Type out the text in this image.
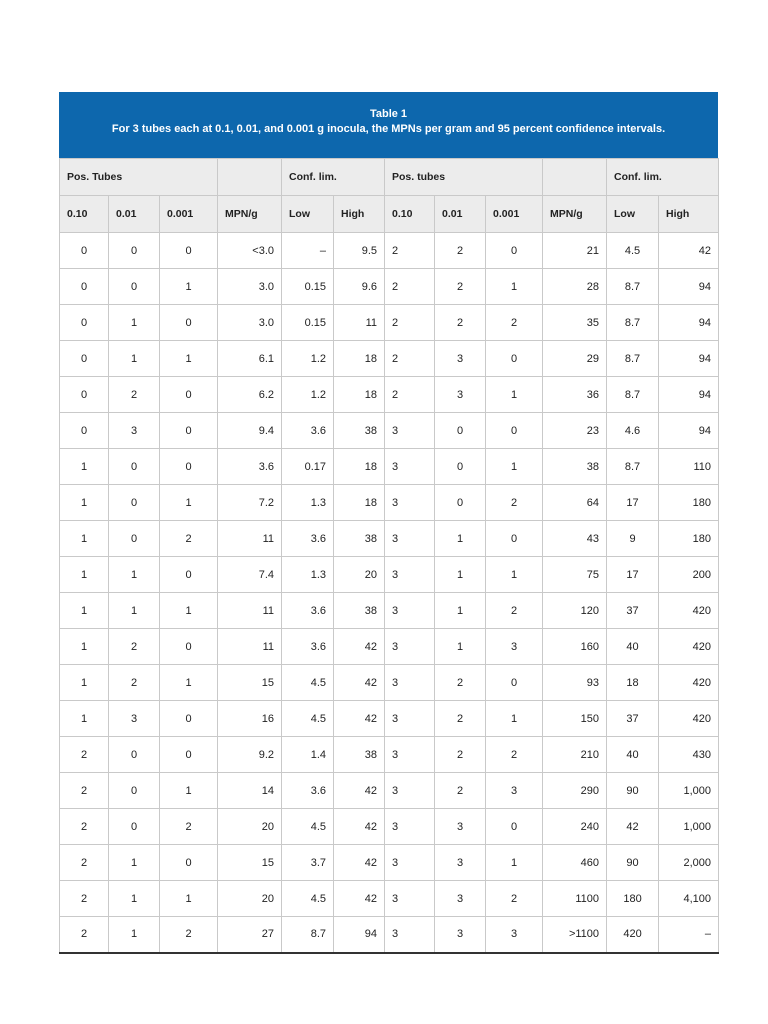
Table 1
For 3 tubes each at 0.1, 0.01, and 0.001 g inocula, the MPNs per gram and 95 percent confidence intervals.
Pos. Tubes				Conf. lim.		Pos. tubes				Conf. lim.	
0.10	0.01	0.001	MPN/g	Low	High	0.10	0.01	0.001	MPN/g	Low	High
0	0	0	<3.0	–	9.5	2	2	0	21	4.5	42
0	0	1	3.0	0.15	9.6	2	2	1	28	8.7	94
0	1	0	3.0	0.15	11	2	2	2	35	8.7	94
0	1	1	6.1	1.2	18	2	3	0	29	8.7	94
0	2	0	6.2	1.2	18	2	3	1	36	8.7	94
0	3	0	9.4	3.6	38	3	0	0	23	4.6	94
1	0	0	3.6	0.17	18	3	0	1	38	8.7	110
1	0	1	7.2	1.3	18	3	0	2	64	17	180
1	0	2	11	3.6	38	3	1	0	43	9	180
1	1	0	7.4	1.3	20	3	1	1	75	17	200
1	1	1	11	3.6	38	3	1	2	120	37	420
1	2	0	11	3.6	42	3	1	3	160	40	420
1	2	1	15	4.5	42	3	2	0	93	18	420
1	3	0	16	4.5	42	3	2	1	150	37	420
2	0	0	9.2	1.4	38	3	2	2	210	40	430
2	0	1	14	3.6	42	3	2	3	290	90	1,000
2	0	2	20	4.5	42	3	3	0	240	42	1,000
2	1	0	15	3.7	42	3	3	1	460	90	2,000
2	1	1	20	4.5	42	3	3	2	1100	180	4,100
2	1	2	27	8.7	94	3	3	3	>1100	420	–
